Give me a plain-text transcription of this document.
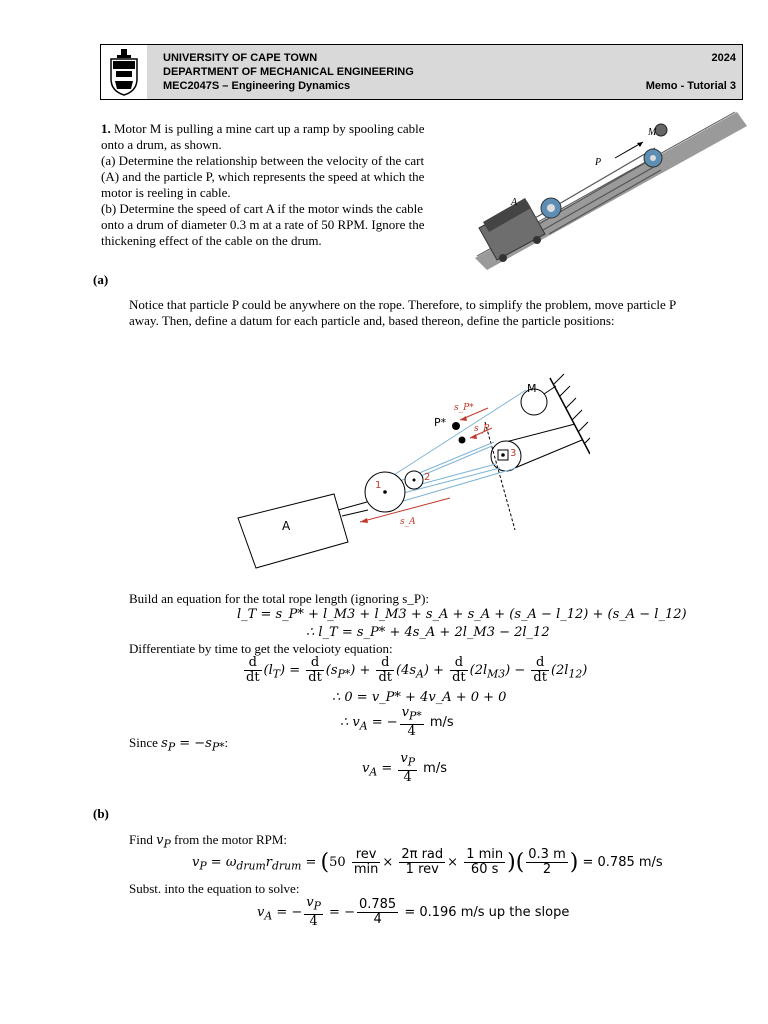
UNIVERSITY OF CAPE TOWN
DEPARTMENT OF MECHANICAL ENGINEERING
MEC2047S – Engineering Dynamics
2024
Memo - Tutorial 3
1. Motor M is pulling a mine cart up a ramp by spooling cable onto a drum, as shown.
(a) Determine the relationship between the velocity of the cart (A) and the particle P, which represents the speed at which the motor is reeling in cable.
(b) Determine the speed of cart A if the motor winds the cable onto a drum of diameter 0.3 m at a rate of 50 RPM. Ignore the thickening effect of the cable on the drum.
M
P
A
(a)
Notice that particle P could be anywhere on the rope. Therefore, to simplify the problem, move particle P away. Then, define a datum for each particle and, based thereon, define the particle positions:
M
P*
A
1
2
3
s_P*
s_P
s_A
Build an equation for the total rope length (ignoring s_P):
l_T = s_P* + l_M3 + l_M3 + s_A + s_A + (s_A − l_12) + (s_A − l_12)
∴ l_T = s_P* + 4s_A + 2l_M3 − 2l_12
Differentiate by time to get the velocioty equation:
$\frac{d}{dt} (l_T) = \frac{d}{dt} (s_{P*}) + \frac{d}{dt} (4s_A) + \frac{d}{dt} (2l_{M3}) - \frac{d}{dt} (2l_{12})$
∴ 0 = v_P* + 4v_A + 0 + 0
∴ $v_A$ = − $\frac{v_{P*}}{4} m/s$
Since $s_P = -s_{P*}$:
$v_A = \frac{v_P}{4} m/s$
(b)
Find $v_P$ from the motor RPM:
$v_P = \omega_{drum}r_{drum} = (50 \frac{\text{rev}}{\min} \times \frac{\text{2π rad}}{\text{1 rev}} \times \frac{1 \min}{60 s}$ )( $\frac{0.3 m}{2}$ ) = 0.785 m/s
Subst. into the equation to solve:
$v_A$ = − $\frac{v_P}{4}$ = − $\frac{0.785}{4} = 0.196$ m/s up the slope
